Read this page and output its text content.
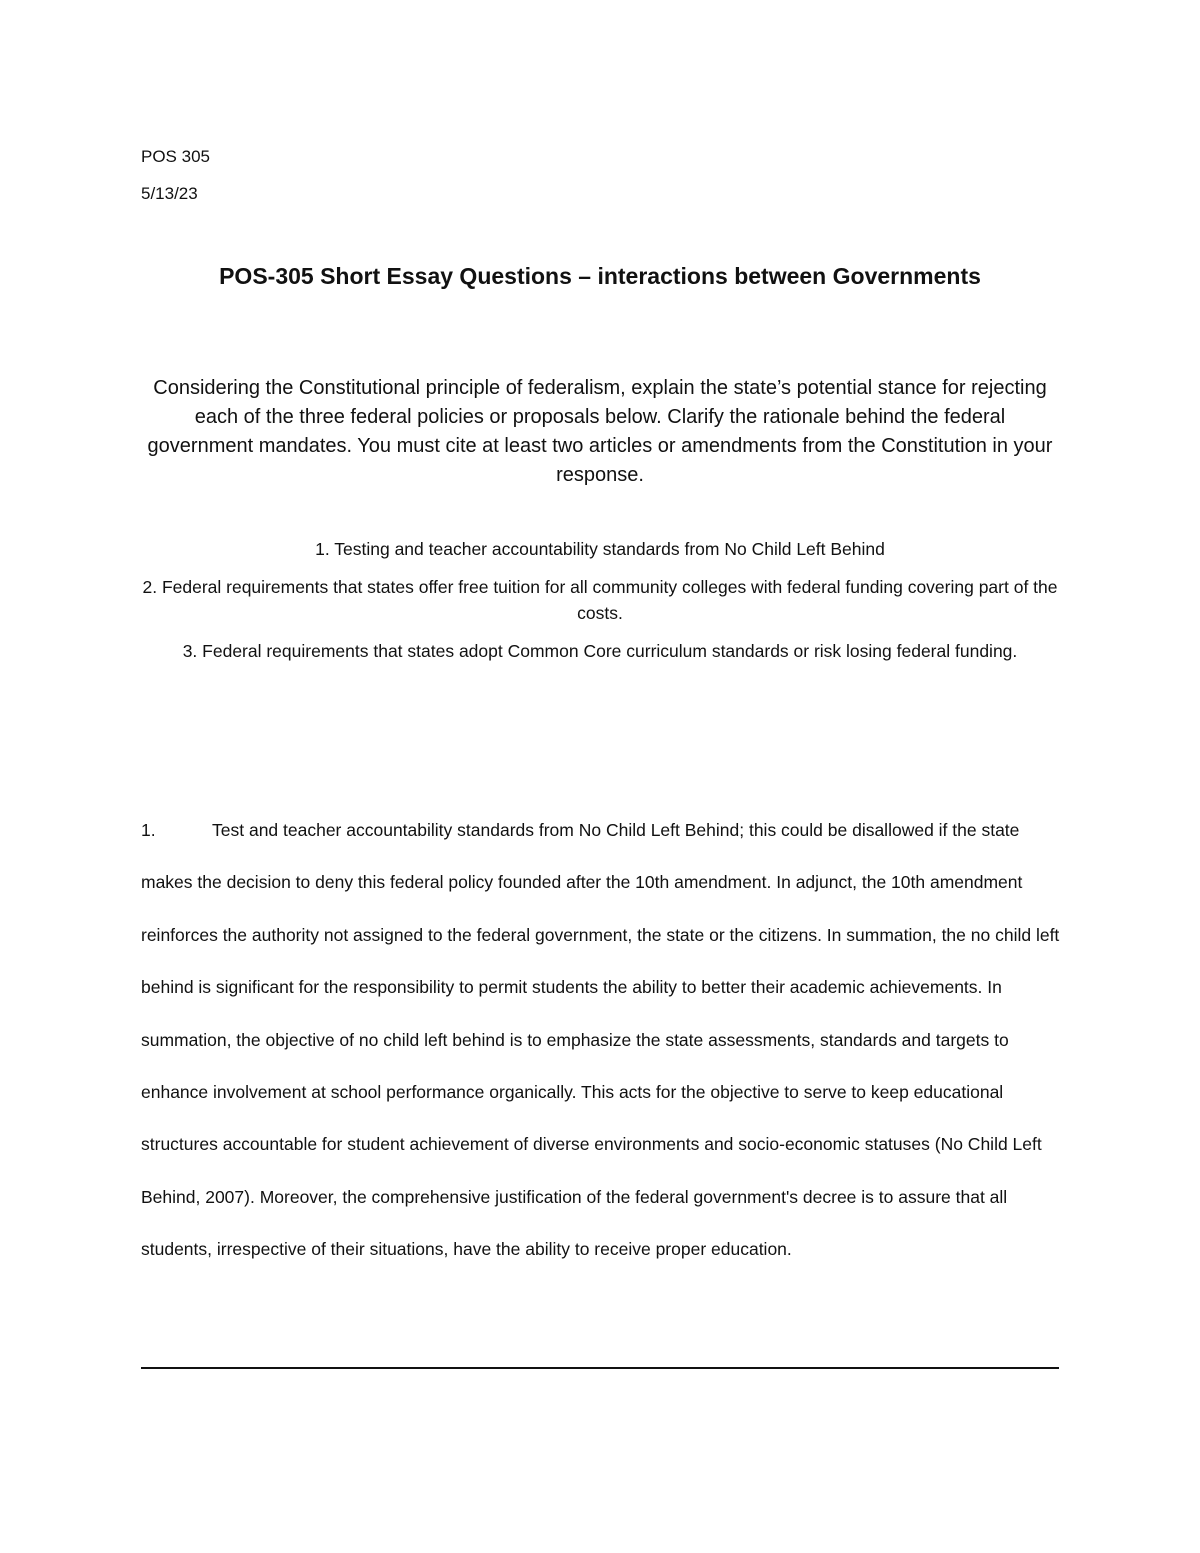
POS 305
5/13/23
POS-305 Short Essay Questions – interactions between Governments
Considering the Constitutional principle of federalism, explain the state’s potential stance for rejecting each of the three federal policies or proposals below. Clarify the rationale behind the federal government mandates. You must cite at least two articles or amendments from the Constitution in your response.
1. Testing and teacher accountability standards from No Child Left Behind
2. Federal requirements that states offer free tuition for all community colleges with federal funding covering part of the costs.
3. Federal requirements that states adopt Common Core curriculum standards or risk losing federal funding.
1.	Test and teacher accountability standards from No Child Left Behind; this could be disallowed if the state makes the decision to deny this federal policy founded after the 10th amendment. In adjunct, the 10th amendment reinforces the authority not assigned to the federal government, the state or the citizens. In summation, the no child left behind is significant for the responsibility to permit students the ability to better their academic achievements. In summation, the objective of no child left behind is to emphasize the state assessments, standards and targets to enhance involvement at school performance organically. This acts for the objective to serve to keep educational structures accountable for student achievement of diverse environments and socio-economic statuses (No Child Left Behind, 2007). Moreover, the comprehensive justification of the federal government's decree is to assure that all students, irrespective of their situations, have the ability to receive proper education.
